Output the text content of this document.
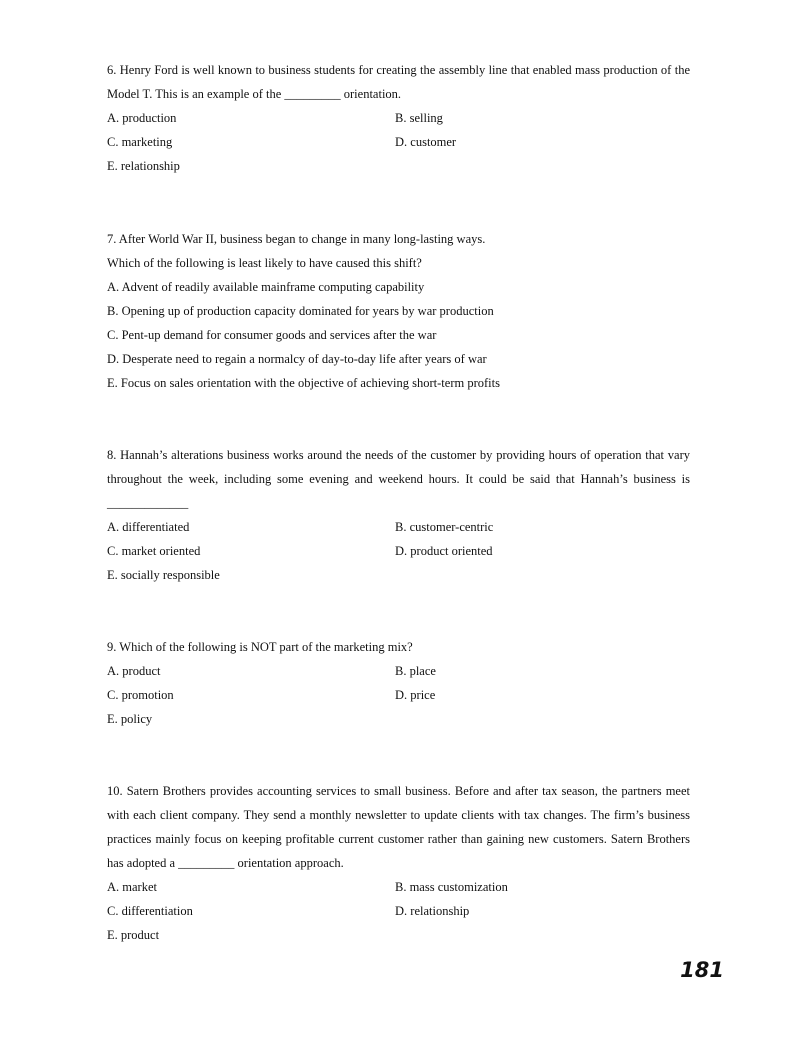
6. Henry Ford is well known to business students for creating the assembly line that enabled mass production of the Model T. This is an example of the _________ orientation.

A. production	B. selling
C. marketing	D. customer
E. relationship

7. After World War II, business began to change in many long-lasting ways.
Which of the following is least likely to have caused this shift?

A. Advent of readily available mainframe computing capability
B. Opening up of production capacity dominated for years by war production
C. Pent-up demand for consumer goods and services after the war
D. Desperate need to regain a normalcy of day-to-day life after years of war
E. Focus on sales orientation with the objective of achieving short-term profits

8. Hannah’s alterations business works around the needs of the customer by providing hours of operation that vary throughout the week, including some evening and weekend hours. It could be said that Hannah’s business is _____________

A. differentiated	B. customer-centric
C. market oriented	D. product oriented
E. socially responsible

9. Which of the following is NOT part of the marketing mix?

A. product	B. place
C. promotion	D. price
E. policy

10. Satern Brothers provides accounting services to small business. Before and after tax season, the partners meet with each client company. They send a monthly newsletter to update clients with tax changes. The firm’s business practices mainly focus on keeping profitable current customer rather than gaining new customers. Satern Brothers has adopted a _________ orientation approach.

A. market	B. mass customization
C. differentiation	D. relationship
E. product
181
